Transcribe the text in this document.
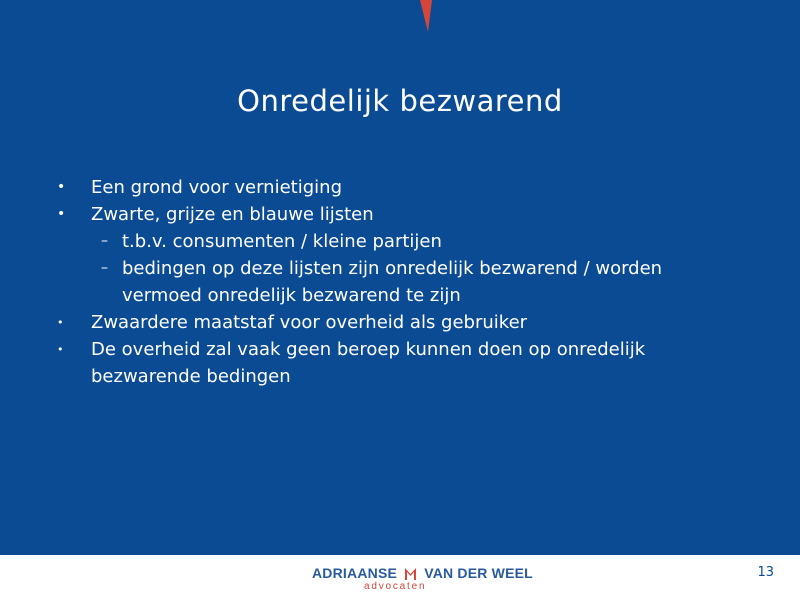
Onredelijk bezwarend
• Een grond voor vernietiging
• Zwarte, grijze en blauwe lijsten
– t.b.v. consumenten / kleine partijen
– bedingen op deze lijsten zijn onredelijk bezwarend / worden
vermoed onredelijk bezwarend te zijn
•	Zwaardere maatstaf voor overheid als gebruiker
•	De overheid zal vaak geen beroep kunnen doen op onredelijk
bezwarende bedingen
ADRIAANSE VAN DER WEEL
advocaten
13
